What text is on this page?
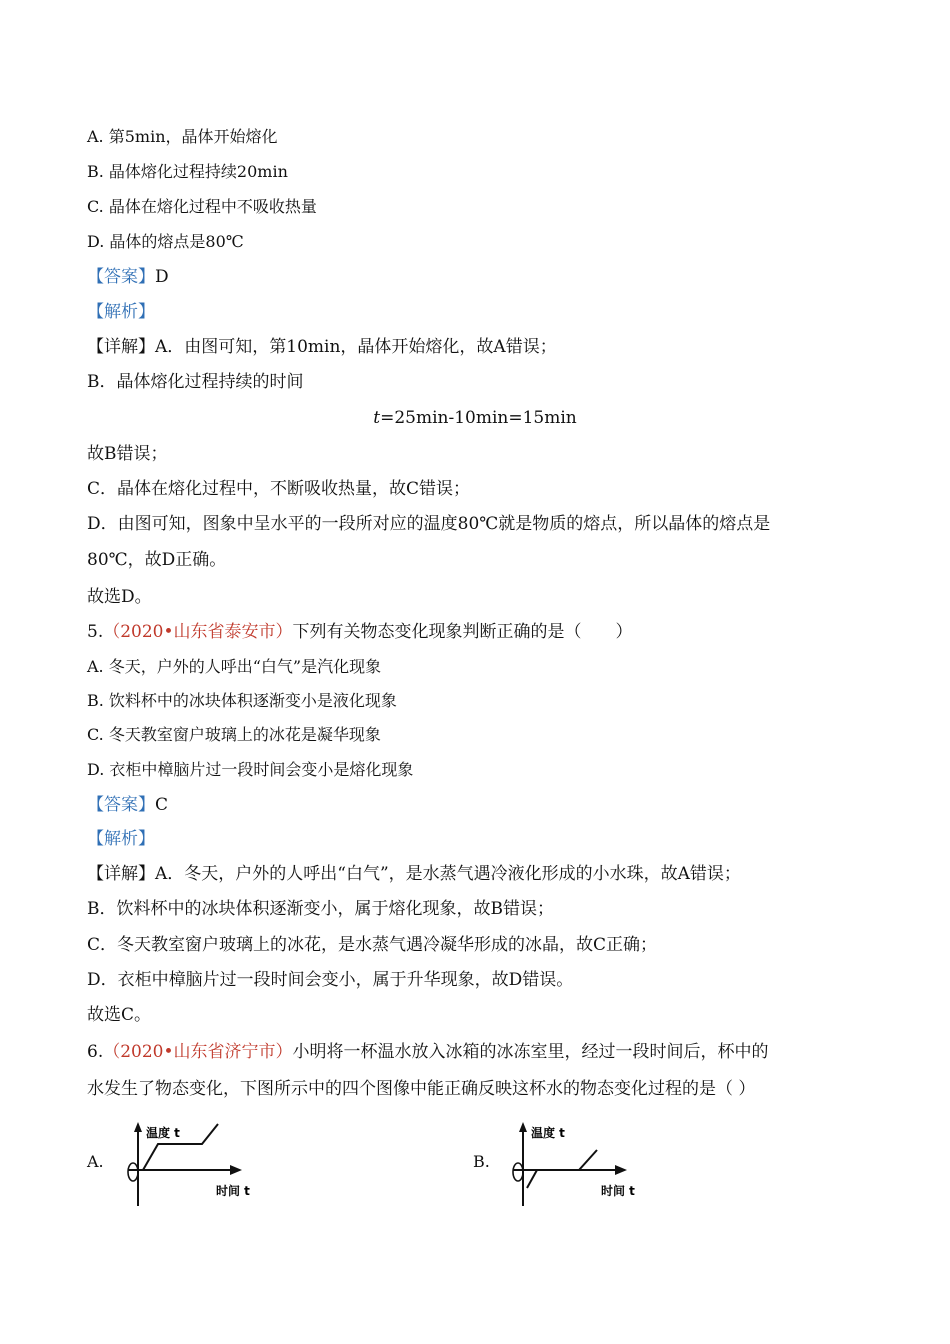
A. 第5min，晶体开始熔化
B. 晶体熔化过程持续20min
C. 晶体在熔化过程中不吸收热量
D. 晶体的熔点是80℃
【答案】D
【解析】
【详解】A．由图可知，第10min，晶体开始熔化，故A错误；
B．晶体熔化过程持续的时间
t=25min-10min=15min
故B错误；
C．晶体在熔化过程中，不断吸收热量，故C错误；
D．由图可知，图象中呈水平的一段所对应的温度80℃就是物质的熔点，所以晶体的熔点是
80℃，故D正确。
故选D。
5.（2020•山东省泰安市）下列有关物态变化现象判断正确的是（　　）
A. 冬天，户外的人呼出“白气”是汽化现象
B. 饮料杯中的冰块体积逐渐变小是液化现象
C. 冬天教室窗户玻璃上的冰花是凝华现象
D. 衣柜中樟脑片过一段时间会变小是熔化现象
【答案】C
【解析】
【详解】A．冬天，户外的人呼出“白气”，是水蒸气遇冷液化形成的小水珠，故A错误；
B．饮料杯中的冰块体积逐渐变小，属于熔化现象，故B错误；
C．冬天教室窗户玻璃上的冰花，是水蒸气遇冷凝华形成的冰晶，故C正确；
D．衣柜中樟脑片过一段时间会变小，属于升华现象，故D错误。
故选C。
6.（2020•山东省济宁市）小明将一杯温水放入冰箱的冰冻室里，经过一段时间后，杯中的
水发生了物态变化，下图所示中的四个图像中能正确反映这杯水的物态变化过程的是（ ）
A.
温度 t
时间 t
B.
温度 t
时间 t
